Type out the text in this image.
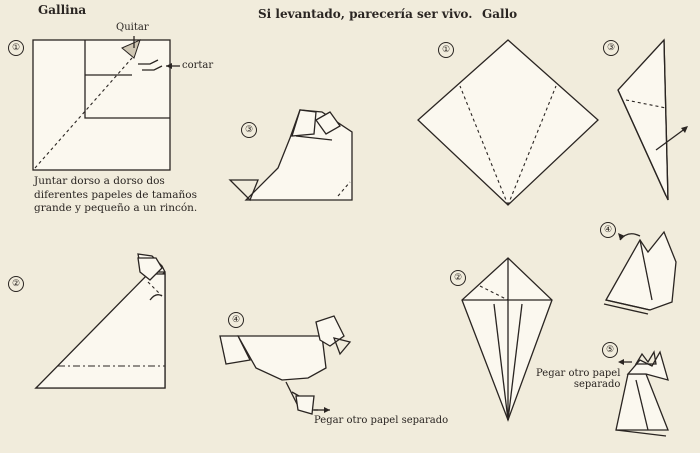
Gallina	Si levantado, parecería ser vivo. Gallo
①
②
③
④
①
②
③
④
⑤
Quitar
cortar
Juntar dorso a dorso dos
diferentes papeles de tamaños
grande y pequeño a un rincón.
Pegar otro papel separado
Pegar otro papel
separado
